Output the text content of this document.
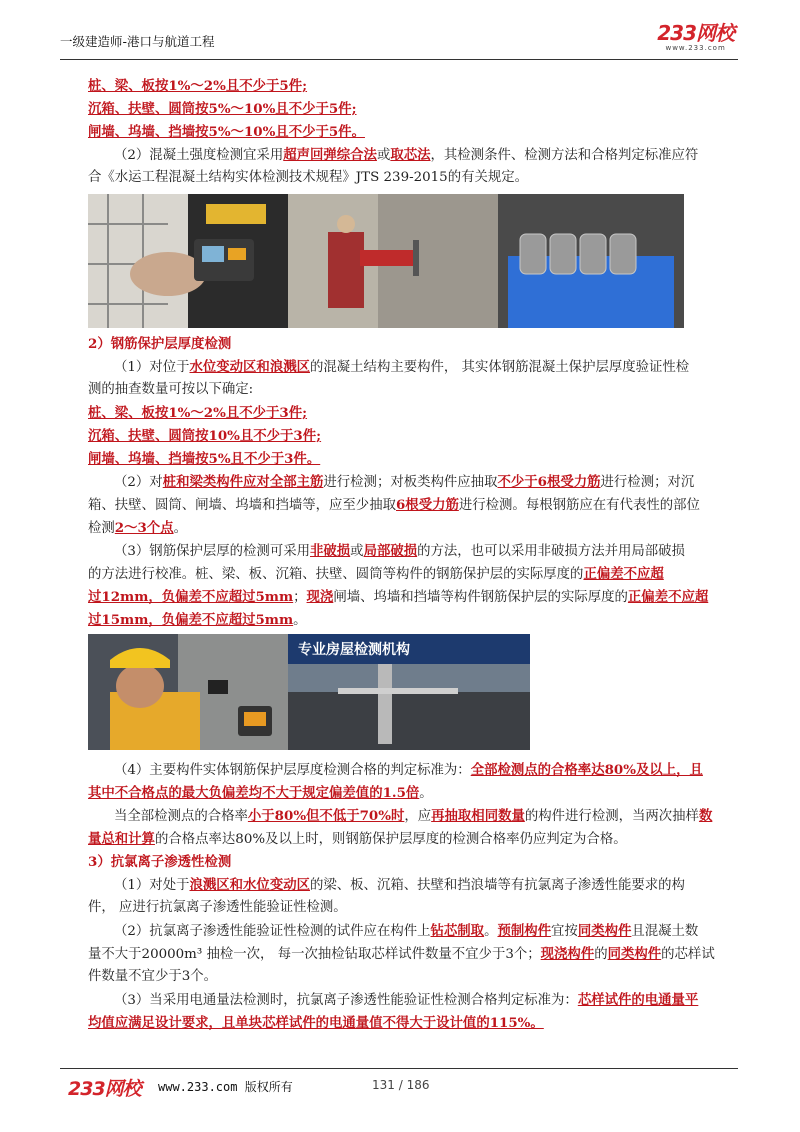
一级建造师-港口与航道工程	233网校
www.233.com
桩、梁、板按1%～2%且不少于5件;
沉箱、扶壁、圆筒按5%～10%且不少于5件;
闸墙、坞墙、挡墙按5%～10%且不少于5件。
（2）混凝土强度检测宜采用超声回弹综合法或取芯法，其检测条件、检测方法和合格判定标准应符
合《水运工程混凝土结构实体检测技术规程》JTS 239-2015的有关规定。
2）钢筋保护层厚度检测
（1）对位于水位变动区和浪溅区的混凝土结构主要构件， 其实体钢筋混凝土保护层厚度验证性检
测的抽查数量可按以下确定:
桩、梁、板按1%～2%且不少于3件;
沉箱、扶壁、圆筒按10%且不少于3件;
闸墙、坞墙、挡墙按5%且不少于3件。
（2）对桩和梁类构件应对全部主筋进行检测；对板类构件应抽取不少于6根受力筋进行检测；对沉
箱、扶壁、圆筒、闸墙、坞墙和挡墙等，应至少抽取6根受力筋进行检测。每根钢筋应在有代表性的部位
检测2～3个点。
（3）钢筋保护层厚的检测可采用非破损或局部破损的方法，也可以采用非破损方法并用局部破损
的方法进行校准。桩、梁、板、沉箱、扶壁、圆筒等构件的钢筋保护层的实际厚度的正偏差不应超
过12mm，负偏差不应超过5mm；现浇闸墙、坞墙和挡墙等构件钢筋保护层的实际厚度的正偏差不应超
过15mm，负偏差不应超过5mm。
专业房屋检测机构
（4）主要构件实体钢筋保护层厚度检测合格的判定标准为：全部检测点的合格率达80%及以上，且
其中不合格点的最大负偏差均不大于规定偏差值的1.5倍。
当全部检测点的合格率小于80%但不低于70%时，应再抽取相同数量的构件进行检测，当两次抽样数
量总和计算的合格点率达80%及以上时，则钢筋保护层厚度的检测合格率仍应判定为合格。
3）抗氯离子渗透性检测
（1）对处于浪溅区和水位变动区的梁、板、沉箱、扶壁和挡浪墙等有抗氯离子渗透性能要求的构
件， 应进行抗氯离子渗透性能验证性检测。
（2）抗氯离子渗透性能验证性检测的试件应在构件上钻芯制取。预制构件宜按同类构件且混凝土数
量不大于20000m³ 抽检一次， 每一次抽检钻取芯样试件数量不宜少于3个；现浇构件的同类构件的芯样试
件数量不宜少于3个。
（3）当采用电通量法检测时，抗氯离子渗透性能验证性检测合格判定标准为：芯样试件的电通量平
均值应满足设计要求，且单块芯样试件的电通量值不得大于设计值的115%。
233网校 www.233.com 版权所有	131 / 186
